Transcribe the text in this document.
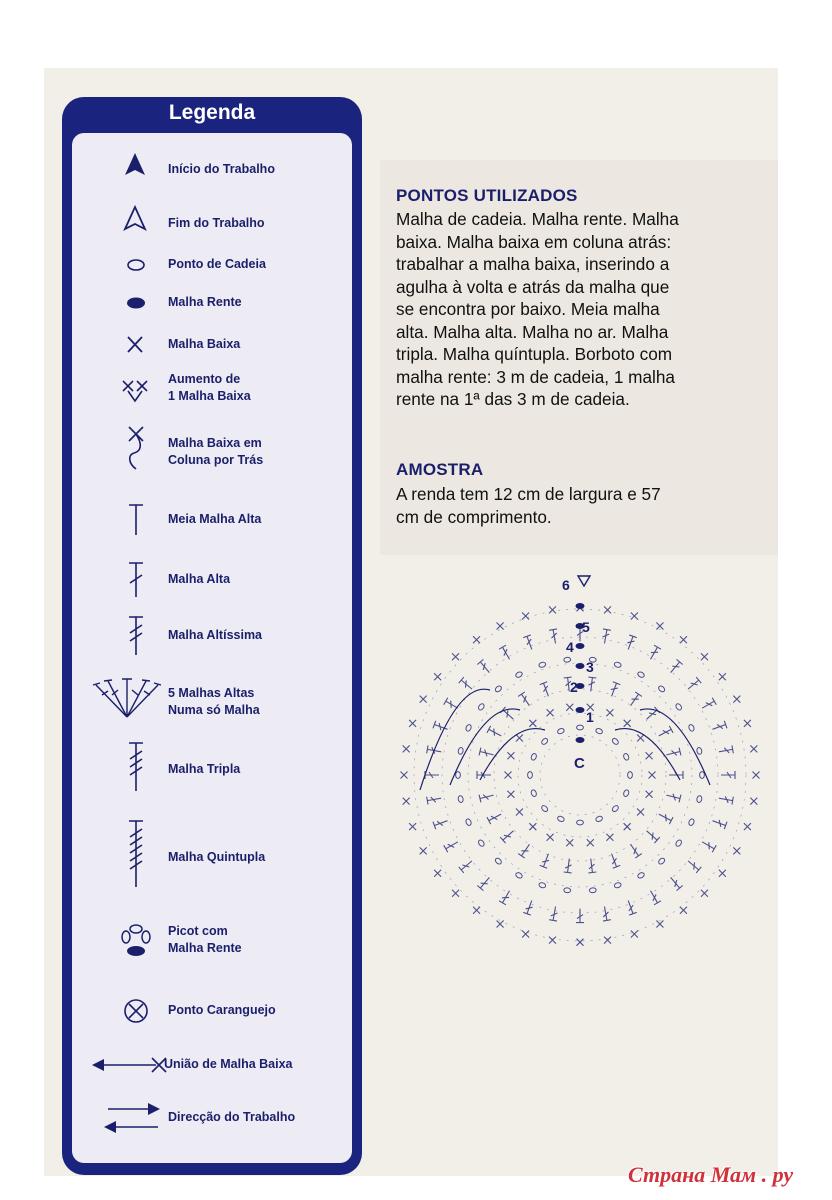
Legenda
Início do Trabalho
Fim do Trabalho
Ponto de Cadeia
Malha Rente
Malha Baixa
Aumento de
1 Malha Baixa
Malha Baixa em
Coluna por Trás
Meia Malha Alta
Malha Alta
Malha Altíssima
5 Malhas Altas
Numa só Malha
Malha Tripla
Malha Quintupla
Picot com
Malha Rente
Ponto Caranguejo
União de Malha Baixa
Direcção do Trabalho
PONTOS UTILIZADOS
Malha de cadeia. Malha rente. Malha
baixa. Malha baixa em coluna atrás:
trabalhar a malha baixa, inserindo a
agulha à volta e atrás da malha que
se encontra por baixo. Meia malha
alta. Malha alta. Malha no ar. Malha
tripla. Malha quíntupla. Borboto com
malha rente: 3 m de cadeia, 1 malha
rente na 1ª das 3 m de cadeia.
AMOSTRA
A renda tem 12 cm de largura e 57
cm de comprimento.
6
5
4
3
2
1
C
Страна Мам . ру
